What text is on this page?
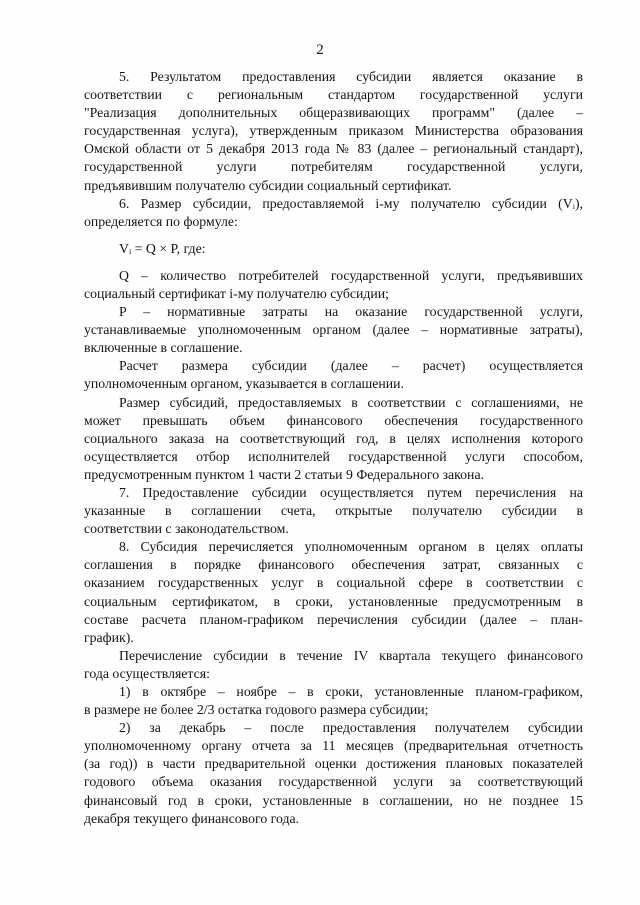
2

5. Результатом предоставления субсидии является оказание в

соответствии с региональным стандартом государственной услуги

"Реализация дополнительных общеразвивающих программ" (далее –

государственная услуга), утвержденным приказом Министерства образования

Омской области от 5 декабря 2013 года № 83 (далее – региональный стандарт),

государственной услуги потребителям государственной услуги,

предъявившим получателю субсидии социальный сертификат.

6. Размер субсидии, предоставляемой i-му получателю субсидии (Vᵢ),

определяется по формуле:

Vᵢ = Q × P, где:

Q – количество потребителей государственной услуги, предъявивших

социальный сертификат i-му получателю субсидии;

P – нормативные затраты на оказание государственной услуги,

устанавливаемые уполномоченным органом (далее – нормативные затраты),

включенные в соглашение.

Расчет размера субсидии (далее – расчет) осуществляется

уполномоченным органом, указывается в соглашении.

Размер субсидий, предоставляемых в соответствии с соглашениями, не

может превышать объем финансового обеспечения государственного

социального заказа на соответствующий год, в целях исполнения которого

осуществляется отбор исполнителей государственной услуги способом,

предусмотренным пунктом 1 части 2 статьи 9 Федерального закона.

7. Предоставление субсидии осуществляется путем перечисления на

указанные в соглашении счета, открытые получателю субсидии в

соответствии с законодательством.

8. Субсидия перечисляется уполномоченным органом в целях оплаты

соглашения в порядке финансового обеспечения затрат, связанных с

оказанием государственных услуг в социальной сфере в соответствии с

социальным сертификатом, в сроки, установленные предусмотренным в

составе расчета планом-графиком перечисления субсидии (далее – план-

график).

Перечисление субсидии в течение IV квартала текущего финансового

года осуществляется:

1) в октябре – ноябре – в сроки, установленные планом-графиком,

в размере не более 2/3 остатка годового размера субсидии;

2) за декабрь – после предоставления получателем субсидии

уполномоченному органу отчета за 11 месяцев (предварительная отчетность

(за год)) в части предварительной оценки достижения плановых показателей

годового объема оказания государственной услуги за соответствующий

финансовый год в сроки, установленные в соглашении, но не позднее 15

декабря текущего финансового года.
